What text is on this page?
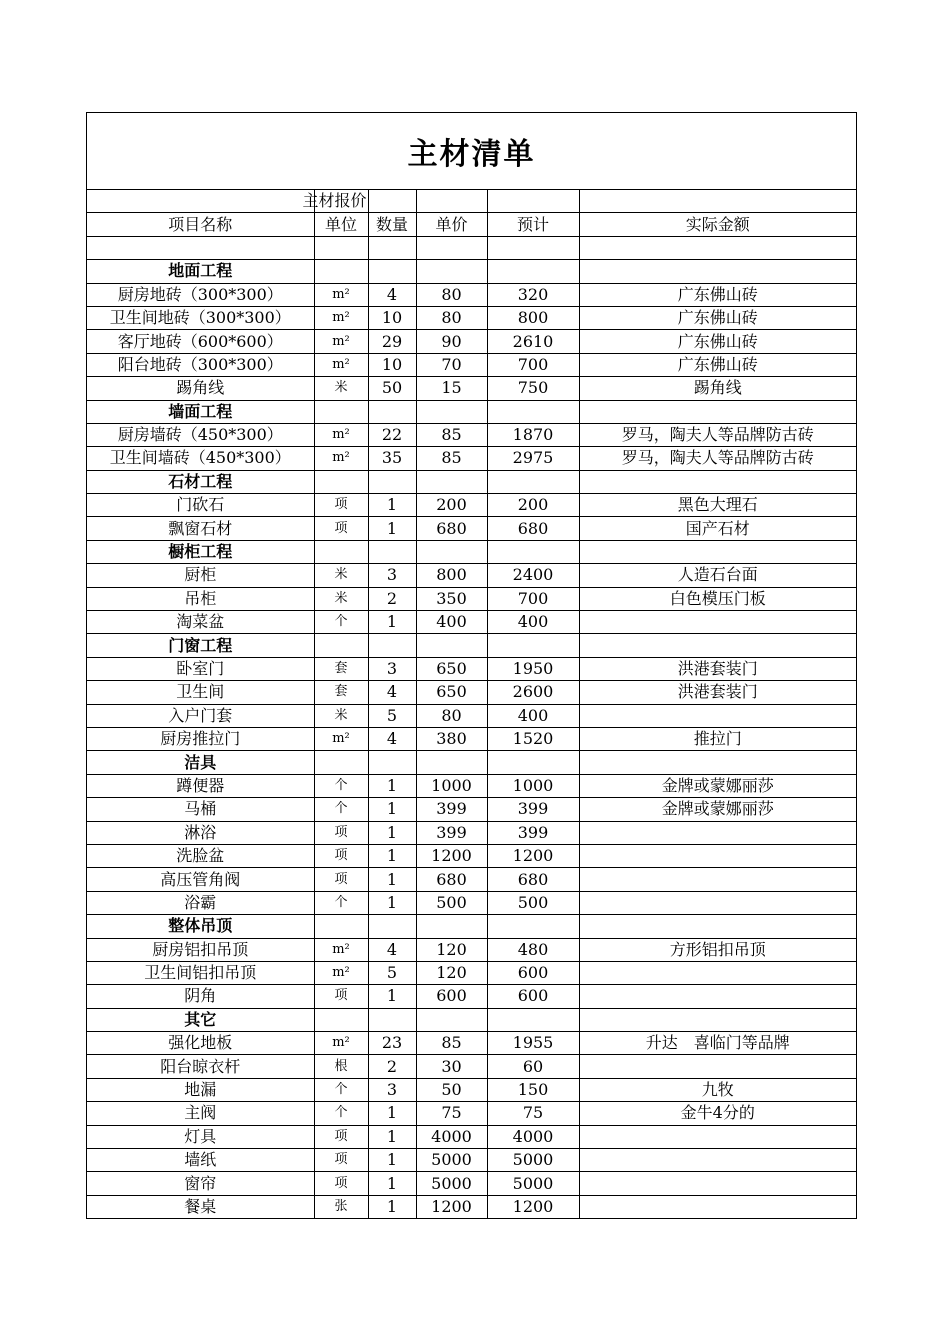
主材清单

	主材报价				

项目名称	单位	数量	单价	预计	实际金额

地面工程					
厨房地砖（300*300）	m²	4	80	320	广东佛山砖
卫生间地砖（300*300）	m²	10	80	800	广东佛山砖
客厅地砖（600*600）	m²	29	90	2610	广东佛山砖
阳台地砖（300*300）	m²	10	70	700	广东佛山砖
踢角线	米	50	15	750	踢角线
墙面工程					
厨房墙砖（450*300）	m²	22	85	1870	罗马，陶夫人等品牌防古砖
卫生间墙砖（450*300）	m²	35	85	2975	罗马，陶夫人等品牌防古砖
石材工程					
门砍石	项	1	200	200	黑色大理石
飘窗石材	项	1	680	680	国产石材
橱柜工程					
厨柜	米	3	800	2400	人造石台面
吊柜	米	2	350	700	白色模压门板
淘菜盆	个	1	400	400	
门窗工程					
卧室门	套	3	650	1950	洪港套装门
卫生间	套	4	650	2600	洪港套装门
入户门套	米	5	80	400	
厨房推拉门	m²	4	380	1520	推拉门
洁具					
蹲便器	个	1	1000	1000	金牌或蒙娜丽莎
马桶	个	1	399	399	金牌或蒙娜丽莎
淋浴	项	1	399	399	
洗脸盆	项	1	1200	1200	
高压管角阀	项	1	680	680	
浴霸	个	1	500	500	
整体吊顶					
厨房铝扣吊顶	m²	4	120	480	方形铝扣吊顶
卫生间铝扣吊顶	m²	5	120	600	
阴角	项	1	600	600	
其它					
强化地板	m²	23	85	1955	升达　喜临门等品牌
阳台晾衣杆	根	2	30	60	
地漏	个	3	50	150	九牧
主阀	个	1	75	75	金牛4分的
灯具	项	1	4000	4000	
墙纸	项	1	5000	5000	
窗帘	项	1	5000	5000	
餐桌	张	1	1200	1200	
